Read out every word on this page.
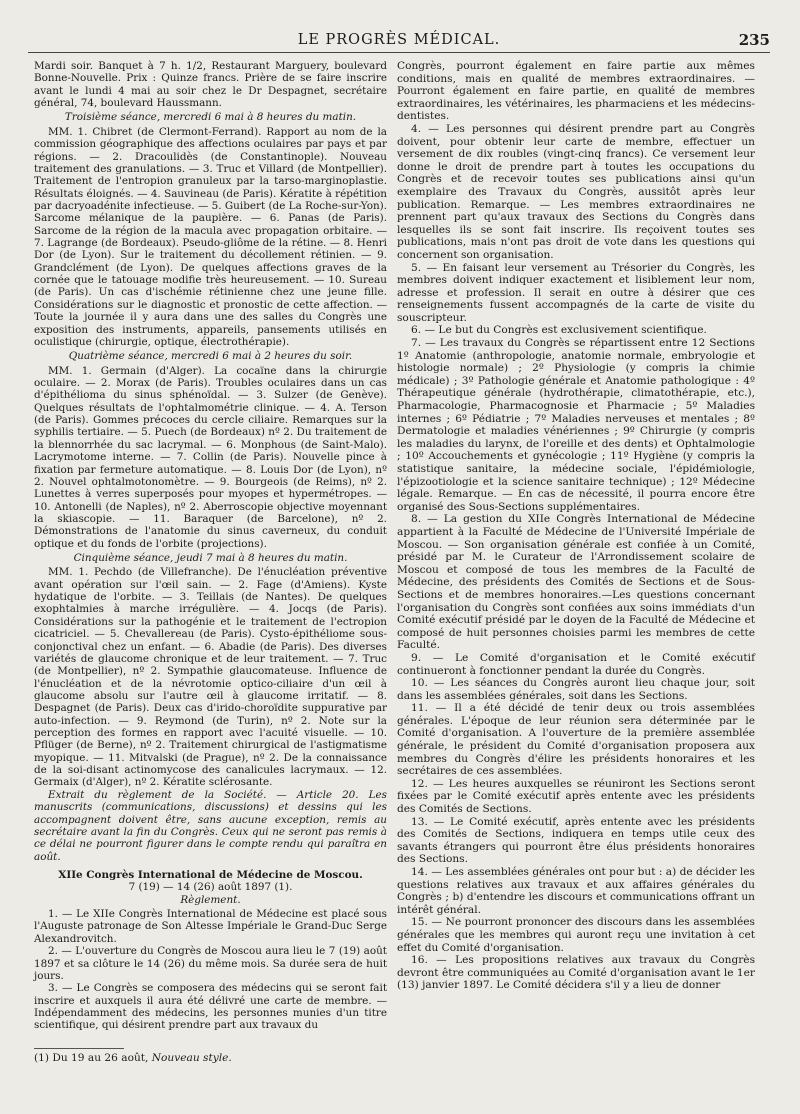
LE PROGRÈS MÉDICAL.	235

Mardi soir. Banquet à 7 h. 1/2, Restaurant Marguery, boulevard Bonne-Nouvelle. Prix : Quinze francs. Prière de se faire inscrire avant le lundi 4 mai au soir chez le Dr Despagnet, secrétaire général, 74, boulevard Haussmann.

Troisième séance, mercredi 6 mai à 8 heures du matin.

MM. 1. Chibret (de Clermont-Ferrand). Rapport au nom de la commission géographique des affections oculaires par pays et par régions. — 2. Dracoulidès (de Constantinople). Nouveau traitement des granulations. — 3. Truc et Villard (de Montpellier). Traitement de l'entropion granuleux par la tarso-marginoplastie. Résultats éloignés. — 4. Sauvineau (de Paris). Kératite à répétition par dacryoadénite infectieuse. — 5. Guibert (de La Roche-sur-Yon). Sarcome mélanique de la paupière. — 6. Panas (de Paris). Sarcome de la région de la macula avec propagation orbitaire. — 7. Lagrange (de Bordeaux). Pseudo-gliôme de la rétine. — 8. Henri Dor (de Lyon). Sur le traitement du décollement rétinien. — 9. Grandclément (de Lyon). De quelques affections graves de la cornée que le tatouage modifie très heureusement. — 10. Sureau (de Paris). Un cas d'ischémie rétinienne chez une jeune fille. Considérations sur le diagnostic et pronostic de cette affection. — Toute la journée il y aura dans une des salles du Congrès une exposition des instruments, appareils, pansements utilisés en oculistique (chirurgie, optique, électrothérapie).

Quatrième séance, mercredi 6 mai à 2 heures du soir.

MM. 1. Germain (d'Alger). La cocaïne dans la chirurgie oculaire. — 2. Morax (de Paris). Troubles oculaires dans un cas d'épithélioma du sinus sphénoïdal. — 3. Sulzer (de Genève). Quelques résultats de l'ophtalmométrie clinique. — 4. A. Terson (de Paris). Gommes précoces du cercle ciliaire. Remarques sur la syphilis tertiaire. — 5. Puech (de Bordeaux) nº 2. Du traitement de la blennorrhée du sac lacrymal. — 6. Monphous (de Saint-Malo). Lacrymotome interne. — 7. Collin (de Paris). Nouvelle pince à fixation par fermeture automatique. — 8. Louis Dor (de Lyon), nº 2. Nouvel ophtalmotonomètre. — 9. Bourgeois (de Reims), nº 2. Lunettes à verres superposés pour myopes et hypermétropes. — 10. Antonelli (de Naples), nº 2. Aberroscopie objective moyennant la skiascopie. — 11. Baraquer (de Barcelone), nº 2. Démonstrations de l'anatomie du sinus caverneux, du conduit optique et du fonds de l'orbite (projections).

Cinquième séance, jeudi 7 mai à 8 heures du matin.

MM. 1. Pechdo (de Villefranche). De l'énucléation préventive avant opération sur l'œil sain. — 2. Fage (d'Amiens). Kyste hydatique de l'orbite. — 3. Teillais (de Nantes). De quelques exophtalmies à marche irrégulière. — 4. Jocqs (de Paris). Considérations sur la pathogénie et le traitement de l'ectropion cicatriciel. — 5. Chevallereau (de Paris). Cysto-épithéliome sous-conjonctival chez un enfant. — 6. Abadie (de Paris). Des diverses variétés de glaucome chronique et de leur traitement. — 7. Truc (de Montpellier), nº 2. Sympathie glaucomateuse. Influence de l'énucléation et de la névrotomie optico-ciliaire d'un œil à glaucome absolu sur l'autre œil à glaucome irritatif. — 8. Despagnet (de Paris). Deux cas d'irido-choroïdite suppurative par auto-infection. — 9. Reymond (de Turin), nº 2. Note sur la perception des formes en rapport avec l'acuité visuelle. — 10. Pflüger (de Berne), nº 2. Traitement chirurgical de l'astigmatisme myopique. — 11. Mitvalski (de Prague), nº 2. De la connaissance de la soi-disant actinomycose des canalicules lacrymaux. — 12. Germaix (d'Alger), nº 2. Kératite sclérosante.

Extrait du règlement de la Société. — Article 20. Les manuscrits (communications, discussions) et dessins qui les accompagnent doivent être, sans aucune exception, remis au secrétaire avant la fin du Congrès. Ceux qui ne seront pas remis à ce délai ne pourront figurer dans le compte rendu qui paraîtra en août.

XIIe Congrès International de Médecine de Moscou.

7 (19) — 14 (26) août 1897 (1).

Règlement.

1. — Le XIIe Congrès International de Médecine est placé sous l'Auguste patronage de Son Altesse Impériale le Grand-Duc Serge Alexandrovitch.

2. — L'ouverture du Congrès de Moscou aura lieu le 7 (19) août 1897 et sa clôture le 14 (26) du même mois. Sa durée sera de huit jours.

3. — Le Congrès se composera des médecins qui se seront fait inscrire et auxquels il aura été délivré une carte de membre. — Indépendamment des médecins, les personnes munies d'un titre scientifique, qui désirent prendre part aux travaux du

Congrès, pourront également en faire partie aux mêmes conditions, mais en qualité de membres extraordinaires. — Pourront également en faire partie, en qualité de membres extraordinaires, les vétérinaires, les pharmaciens et les médecins-dentistes.

4. — Les personnes qui désirent prendre part au Congrès doivent, pour obtenir leur carte de membre, effectuer un versement de dix roubles (vingt-cinq francs). Ce versement leur donne le droit de prendre part à toutes les occupations du Congrès et de recevoir toutes ses publications ainsi qu'un exemplaire des Travaux du Congrès, aussitôt après leur publication. Remarque. — Les membres extraordinaires ne prennent part qu'aux travaux des Sections du Congrès dans lesquelles ils se sont fait inscrire. Ils reçoivent toutes ses publications, mais n'ont pas droit de vote dans les questions qui concernent son organisation.

5. — En faisant leur versement au Trésorier du Congrès, les membres doivent indiquer exactement et lisiblement leur nom, adresse et profession. Il serait en outre à désirer que ces renseignements fussent accompagnés de la carte de visite du souscripteur.

6. — Le but du Congrès est exclusivement scientifique.

7. — Les travaux du Congrès se répartissent entre 12 Sections 1º Anatomie (anthropologie, anatomie normale, embryologie et histologie normale) ; 2º Physiologie (y compris la chimie médicale) ; 3º Pathologie générale et Anatomie pathologique : 4º Thérapeutique générale (hydrothérapie, climatothérapie, etc.), Pharmacologie, Pharmacognosie et Pharmacie ; 5º Maladies internes ; 6º Pédiatrie ; 7º Maladies nerveuses et mentales ; 8º Dermatologie et maladies vénériennes ; 9º Chirurgie (y compris les maladies du larynx, de l'oreille et des dents) et Ophtalmologie ; 10º Accouchements et gynécologie ; 11º Hygiène (y compris la statistique sanitaire, la médecine sociale, l'épidémiologie, l'épizootiologie et la science sanitaire technique) ; 12º Médecine légale. Remarque. — En cas de nécessité, il pourra encore être organisé des Sous-Sections supplémentaires.

8. — La gestion du XIIe Congrès International de Médecine appartient à la Faculté de Médecine de l'Université Impériale de Moscou. — Son organisation générale est confiée à un Comité, présidé par M. le Curateur de l'Arrondissement scolaire de Moscou et composé de tous les membres de la Faculté de Médecine, des présidents des Comités de Sections et de Sous-Sections et de membres honoraires.—Les questions concernant l'organisation du Congrès sont confiées aux soins immédiats d'un Comité exécutif présidé par le doyen de la Faculté de Médecine et composé de huit personnes choisies parmi les membres de cette Faculté.

9. — Le Comité d'organisation et le Comité exécutif continueront à fonctionner pendant la durée du Congrès.

10. — Les séances du Congrès auront lieu chaque jour, soit dans les assemblées générales, soit dans les Sections.

11. — Il a été décidé de tenir deux ou trois assemblées générales. L'époque de leur réunion sera déterminée par le Comité d'organisation. A l'ouverture de la première assemblée générale, le président du Comité d'organisation proposera aux membres du Congrès d'élire les présidents honoraires et les secrétaires de ces assemblées.

12. — Les heures auxquelles se réuniront les Sections seront fixées par le Comité exécutif après entente avec les présidents des Comités de Sections.

13. — Le Comité exécutif, après entente avec les présidents des Comités de Sections, indiquera en temps utile ceux des savants étrangers qui pourront être élus présidents honoraires des Sections.

14. — Les assemblées générales ont pour but : a) de décider les questions relatives aux travaux et aux affaires générales du Congrès ; b) d'entendre les discours et communications offrant un intérêt général.

15. — Ne pourront prononcer des discours dans les assemblées générales que les membres qui auront reçu une invitation à cet effet du Comité d'organisation.

16. — Les propositions relatives aux travaux du Congrès devront être communiquées au Comité d'organisation avant le 1er (13) janvier 1897. Le Comité décidera s'il y a lieu de donner

(1) Du 19 au 26 août, Nouveau style.
